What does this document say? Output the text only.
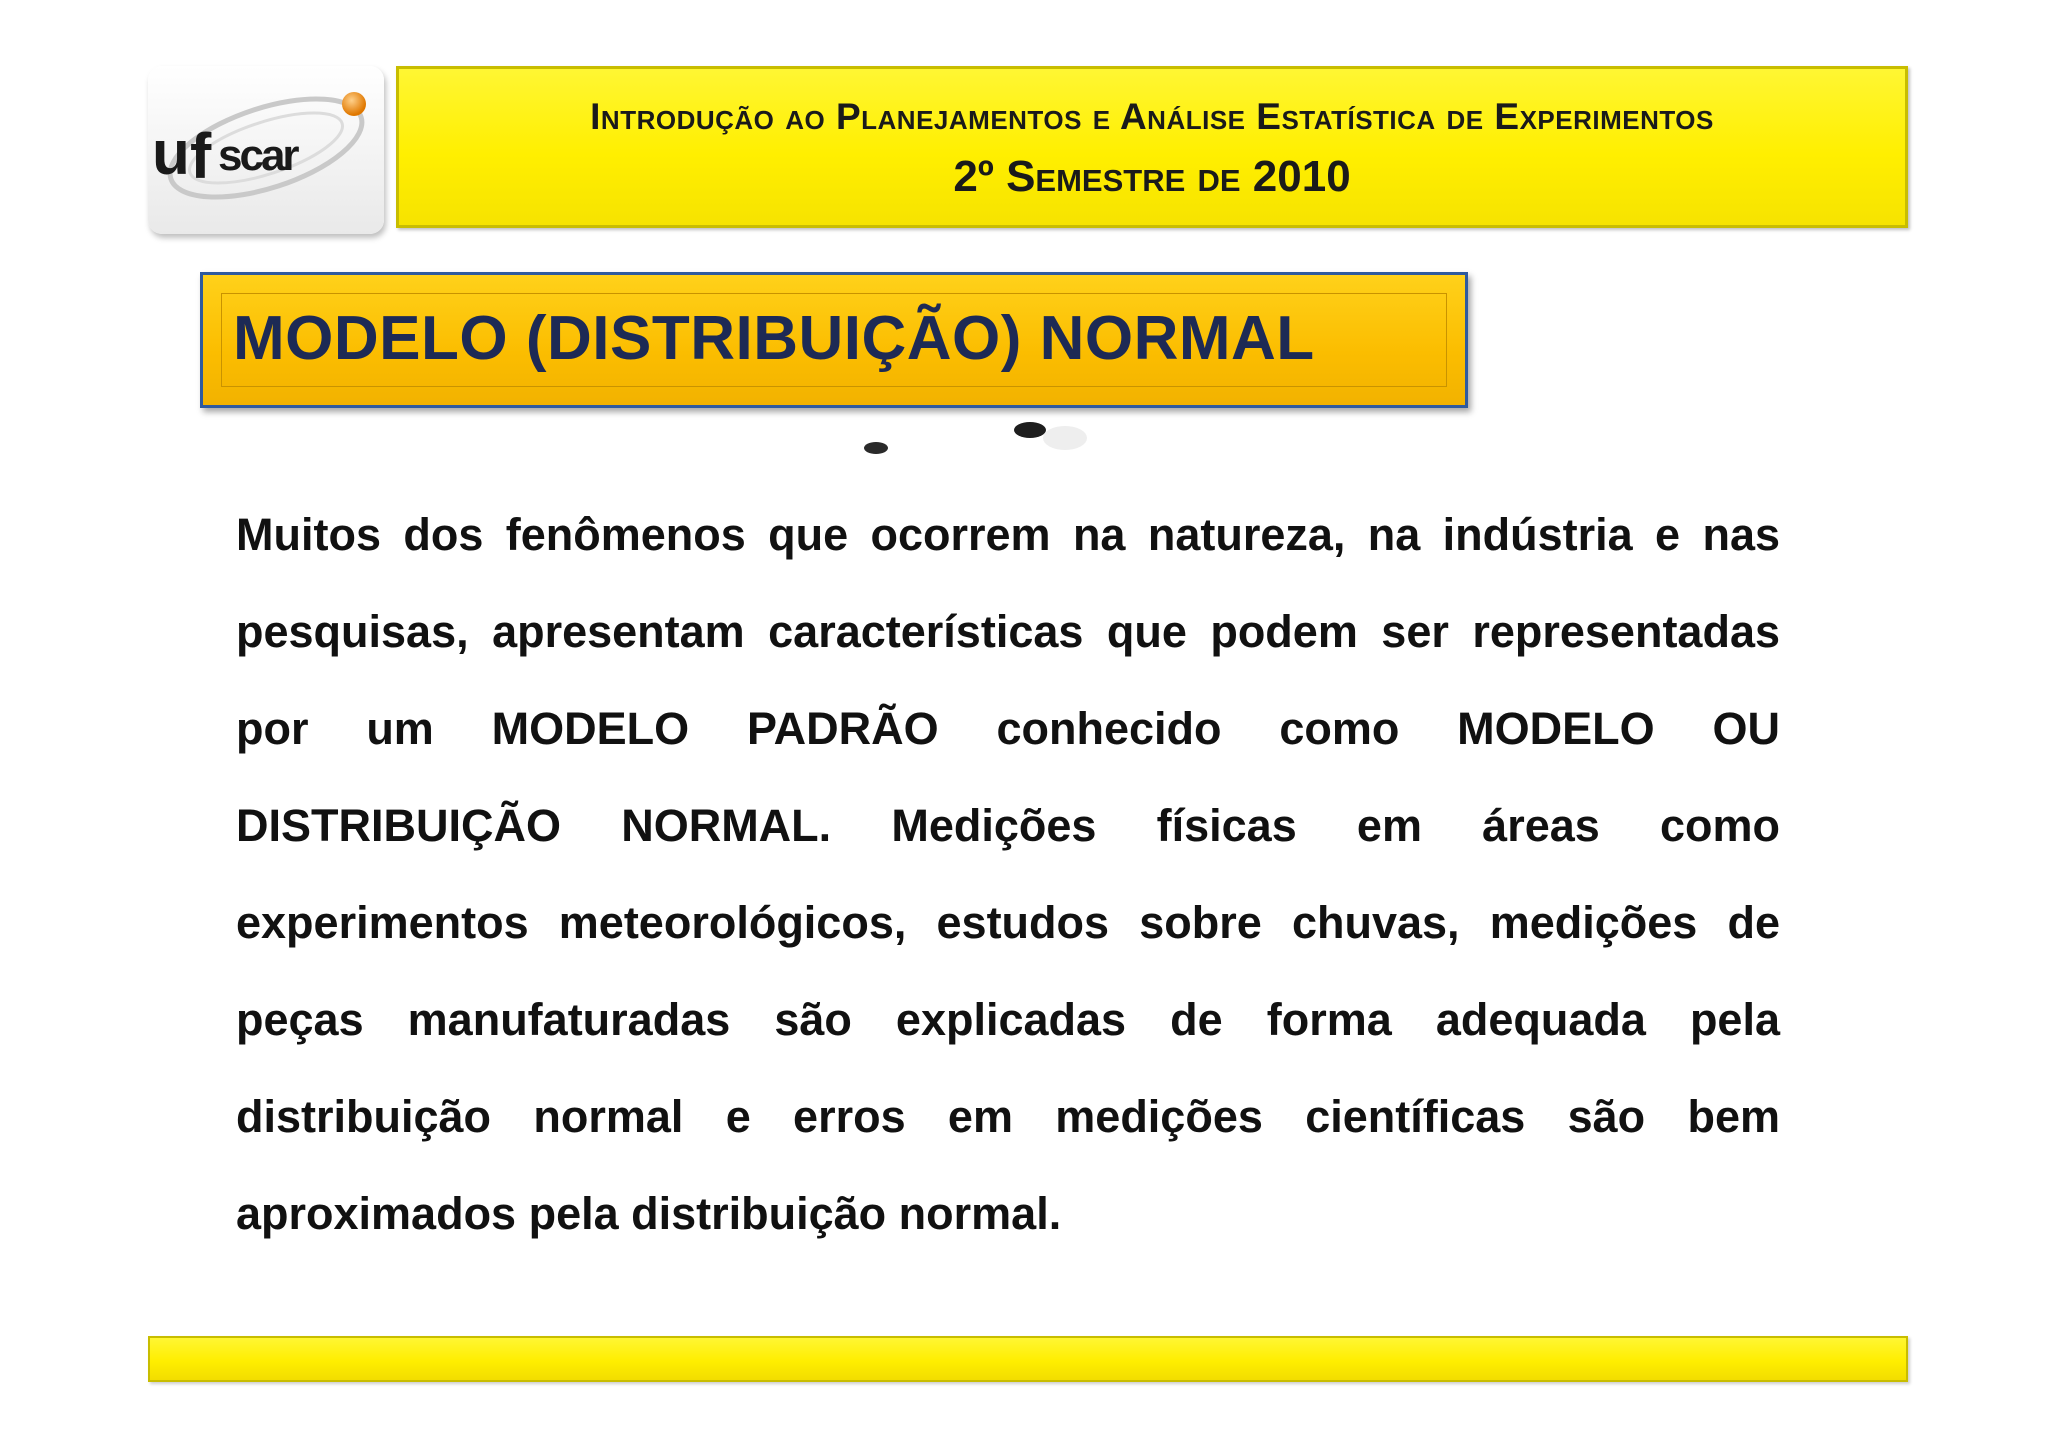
u f scar
Introdução ao Planejamentos e Análise Estatística de Experimentos
2º Semestre de 2010
MODELO (DISTRIBUIÇÃO) NORMAL
Muitos dos fenômenos que ocorrem na natureza, na indústria e nas pesquisas, apresentam características que podem ser representadas por um MODELO PADRÃO conhecido como MODELO OU DISTRIBUIÇÃO NORMAL. Medições físicas em áreas como experimentos meteorológicos, estudos sobre chuvas, medições de peças manufaturadas são explicadas de forma adequada pela distribuição normal e erros em medições científicas são bem aproximados pela distribuição normal.
